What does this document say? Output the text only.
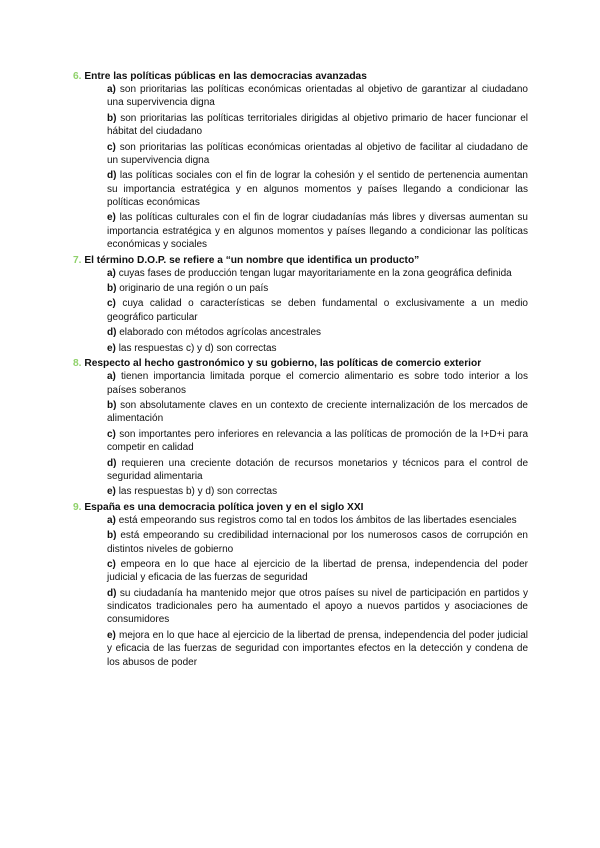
6. Entre las políticas públicas en las democracias avanzadas

a) son prioritarias las políticas económicas orientadas al objetivo de garantizar al ciudadano una supervivencia digna

b) son prioritarias las políticas territoriales dirigidas al objetivo primario de hacer funcionar el hábitat del ciudadano

c) son prioritarias las políticas económicas orientadas al objetivo de facilitar al ciudadano de un supervivencia digna

d) las políticas sociales con el fin de lograr la cohesión y el sentido de pertenencia aumentan su importancia estratégica y en algunos momentos y países llegando a condicionar las políticas económicas

e) las políticas culturales con el fin de lograr ciudadanías más libres y diversas aumentan su importancia estratégica y en algunos momentos y países llegando a condicionar las políticas económicas y sociales

7. El término D.O.P. se refiere a “un nombre que identifica un producto”

a) cuyas fases de producción tengan lugar mayoritariamente en la zona geográfica definida

b) originario de una región o un país

c) cuya calidad o características se deben fundamental o exclusivamente a un medio geográfico particular

d) elaborado con métodos agrícolas ancestrales

e) las respuestas c) y d) son correctas

8. Respecto al hecho gastronómico y su gobierno, las políticas de comercio exterior

a) tienen importancia limitada porque el comercio alimentario es sobre todo interior a los países soberanos

b) son absolutamente claves en un contexto de creciente internalización de los mercados de alimentación

c) son importantes pero inferiores en relevancia a las políticas de promoción de la I+D+i para competir en calidad

d) requieren una creciente dotación de recursos monetarios y técnicos para el control de seguridad alimentaria

e) las respuestas b) y d) son correctas

9. España es una democracia política joven y en el siglo XXI

a) está empeorando sus registros como tal en todos los ámbitos de las libertades esenciales

b) está empeorando su credibilidad internacional por los numerosos casos de corrupción en distintos niveles de gobierno

c) empeora en lo que hace al ejercicio de la libertad de prensa, independencia del poder judicial y eficacia de las fuerzas de seguridad

d) su ciudadanía ha mantenido mejor que otros países su nivel de participación en partidos y sindicatos tradicionales pero ha aumentado el apoyo a nuevos partidos y asociaciones de consumidores

e) mejora en lo que hace al ejercicio de la libertad de prensa, independencia del poder judicial y eficacia de las fuerzas de seguridad con importantes efectos en la detección y condena de los abusos de poder
